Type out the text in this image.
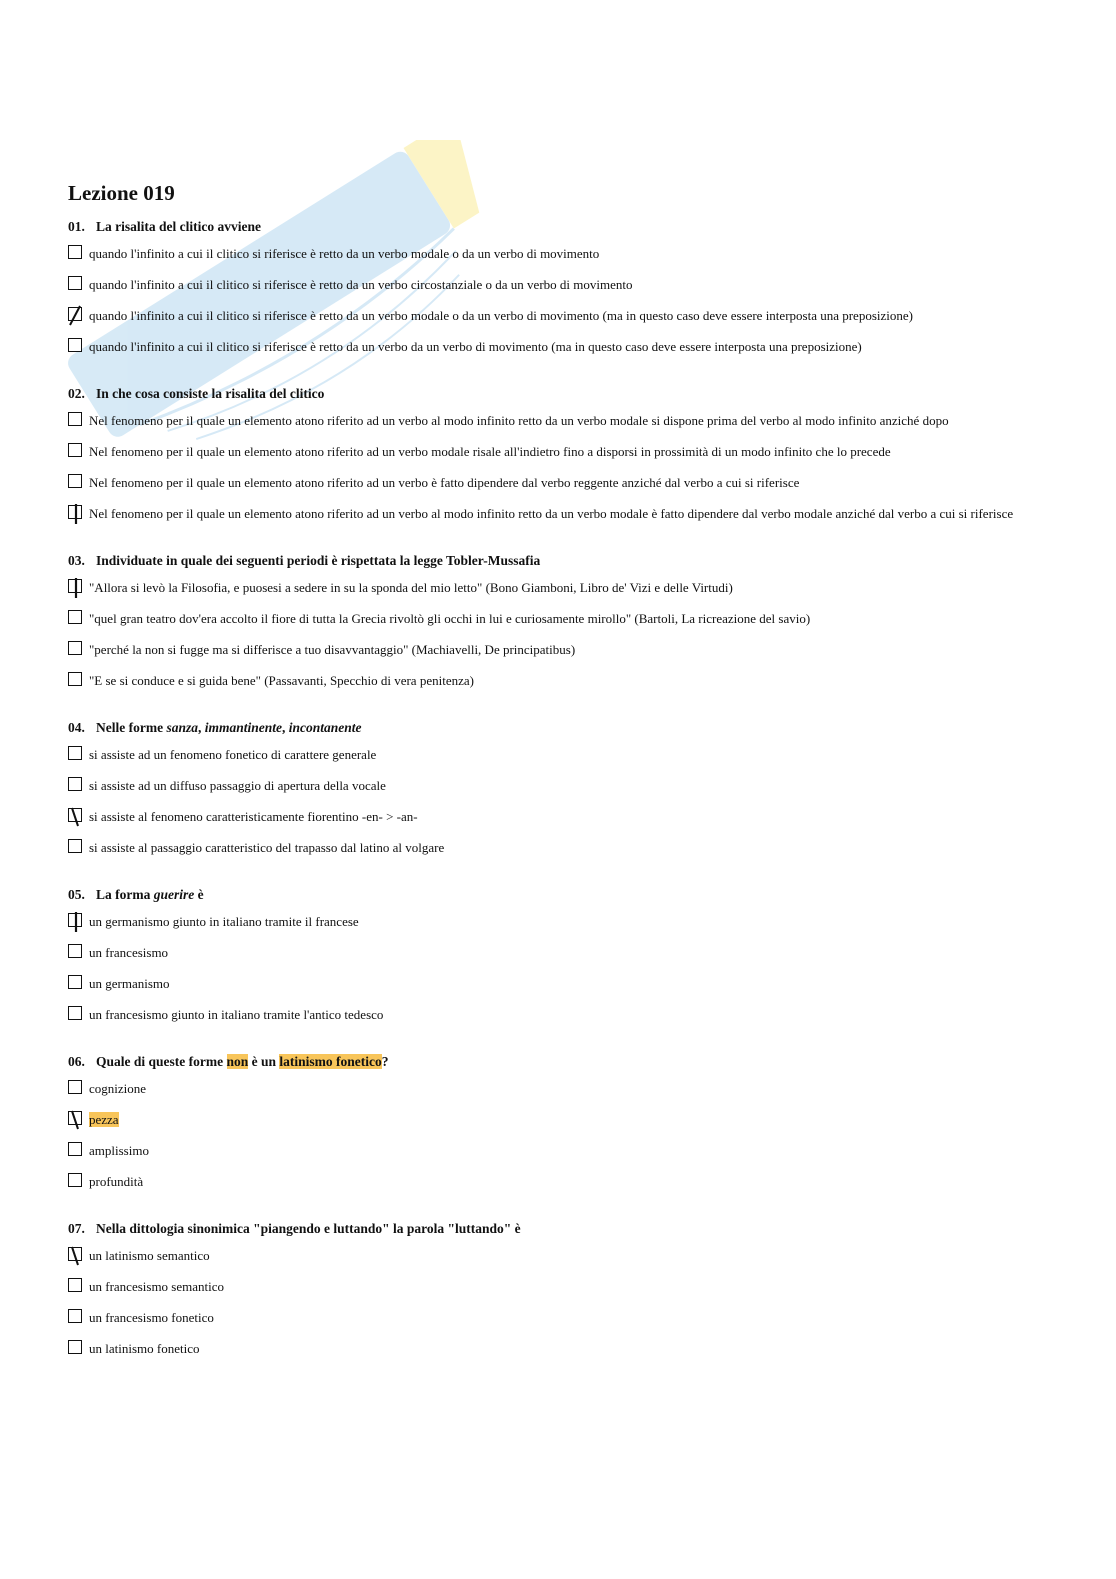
Lezione 019
01. La risalita del clitico avviene
quando l'infinito a cui il clitico si riferisce è retto da un verbo modale o da un verbo di movimento
quando l'infinito a cui il clitico si riferisce è retto da un verbo circostanziale o da un verbo di movimento
quando l'infinito a cui il clitico si riferisce è retto da un verbo modale o da un verbo di movimento (ma in questo caso deve essere interposta una preposizione)
quando l'infinito a cui il clitico si riferisce è retto da un verbo da un verbo di movimento (ma in questo caso deve essere interposta una preposizione)
02. In che cosa consiste la risalita del clitico
Nel fenomeno per il quale un elemento atono riferito ad un verbo al modo infinito retto da un verbo modale si dispone prima del verbo al modo infinito anziché dopo
Nel fenomeno per il quale un elemento atono riferito ad un verbo modale risale all'indietro fino a disporsi in prossimità di un modo infinito che lo precede
Nel fenomeno per il quale un elemento atono riferito ad un verbo è fatto dipendere dal verbo reggente anziché dal verbo a cui si riferisce
Nel fenomeno per il quale un elemento atono riferito ad un verbo al modo infinito retto da un verbo modale è fatto dipendere dal verbo modale anziché dal verbo a cui si riferisce
03. Individuate in quale dei seguenti periodi è rispettata la legge Tobler-Mussafia
"Allora si levò la Filosofia, e puosesi a sedere in su la sponda del mio letto" (Bono Giamboni, Libro de' Vizi e delle Virtudi)
"quel gran teatro dov'era accolto il fiore di tutta la Grecia rivoltò gli occhi in lui e curiosamente mirollo" (Bartoli, La ricreazione del savio)
"perché la non si fugge ma si differisce a tuo disavvantaggio" (Machiavelli, De principatibus)
"E se si conduce e si guida bene" (Passavanti, Specchio di vera penitenza)
04. Nelle forme sanza, immantinente, incontanente
si assiste ad un fenomeno fonetico di carattere generale
si assiste ad un diffuso passaggio di apertura della vocale
si assiste al fenomeno caratteristicamente fiorentino -en- > -an-
si assiste al passaggio caratteristico del trapasso dal latino al volgare
05. La forma guerire è
un germanismo giunto in italiano tramite il francese
un francesismo
un germanismo
un francesismo giunto in italiano tramite l'antico tedesco
06. Quale di queste forme non è un latinismo fonetico?
cognizione
pezza
amplissimo
profundità
07. Nella dittologia sinonimica "piangendo e luttando" la parola "luttando" è
un latinismo semantico
un francesismo semantico
un francesismo fonetico
un latinismo fonetico
